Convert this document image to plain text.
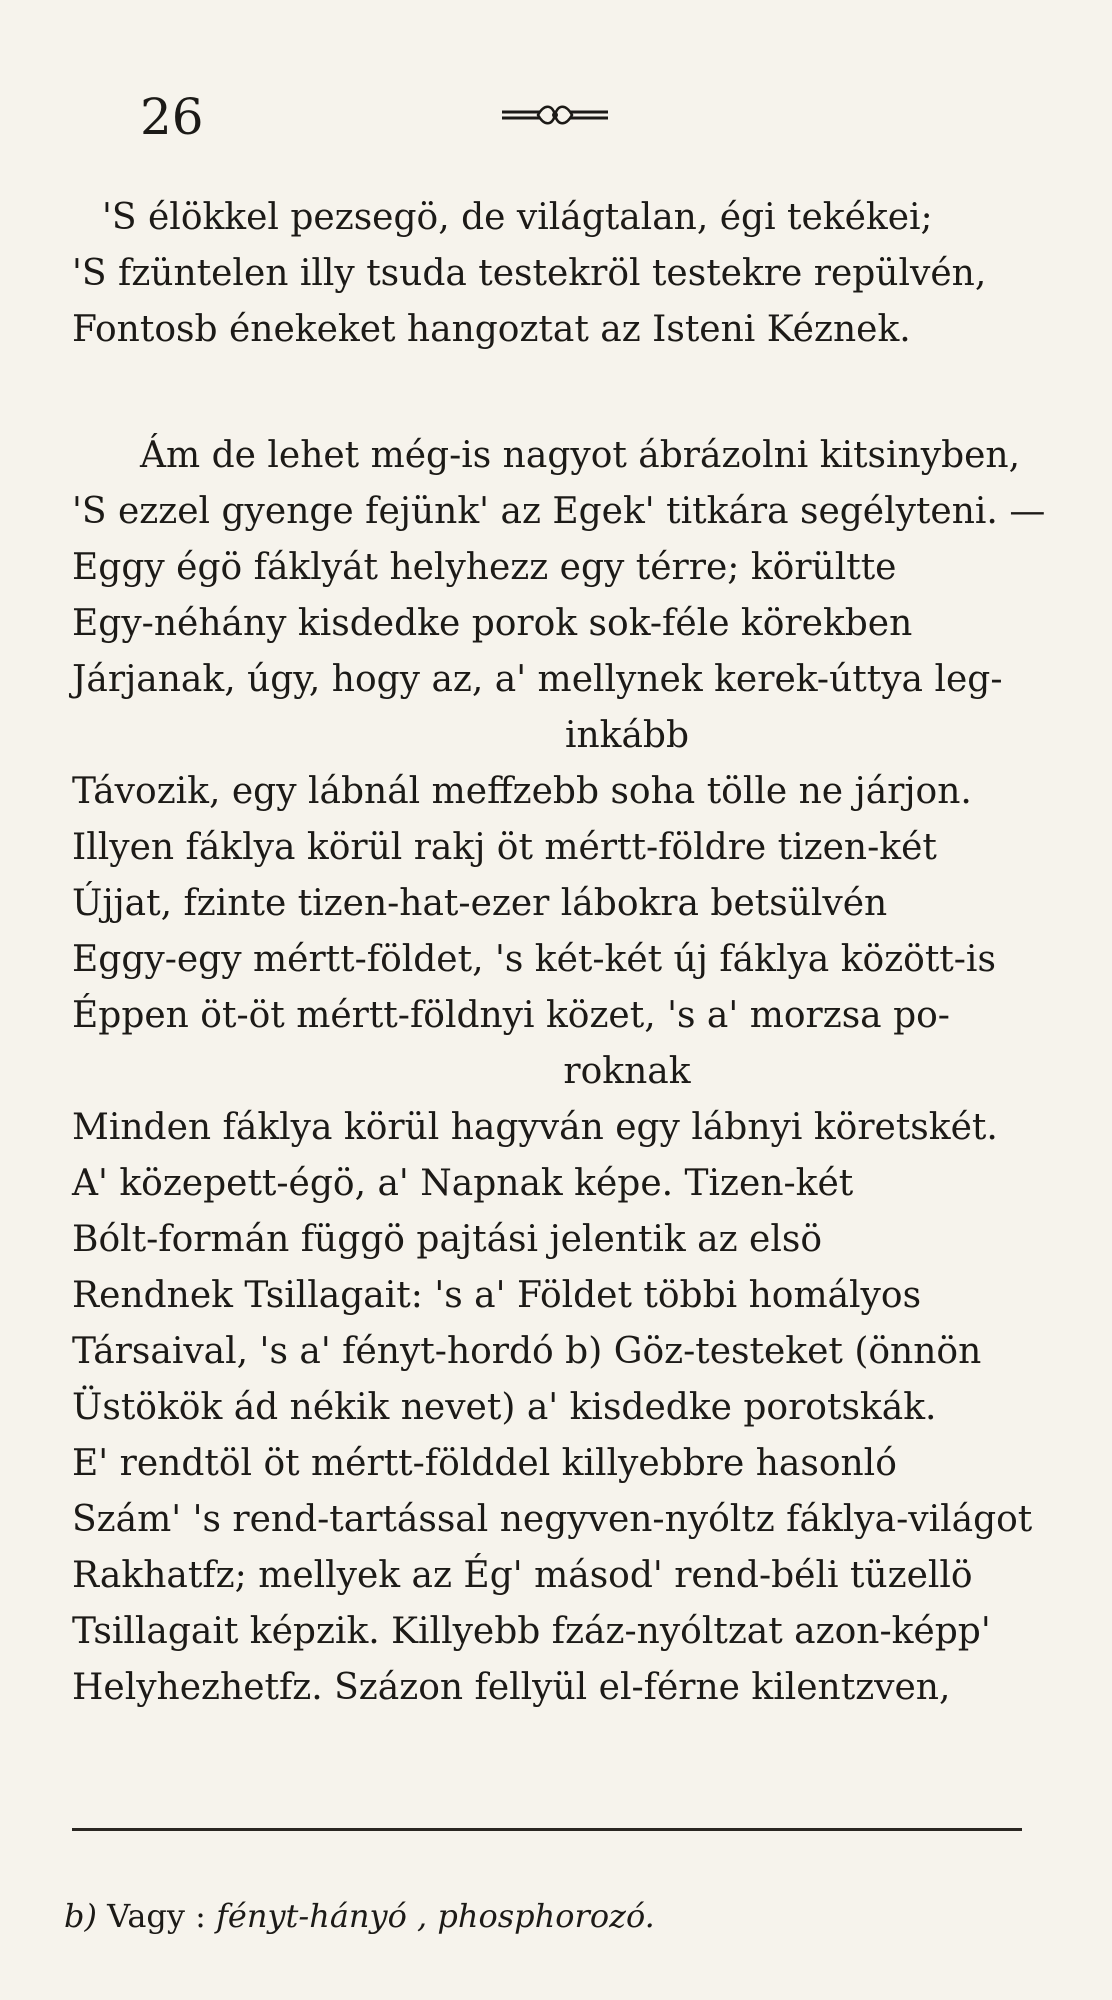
26
'S élökkel pezsegö, de világtalan, égi tekékei;
'S fzüntelen illy tsuda testekröl testekre repülvén,
Fontosb énekeket hangoztat az Isteni Kéznek.
Ám de lehet még-is nagyot ábrázolni kitsinyben,
'S ezzel gyenge fejünk' az Egek' titkára segélyteni. —
Eggy égö fáklyát helyhezz egy térre; körültte
Egy-néhány kisdedke porok sok-féle körekben
Járjanak, úgy, hogy az, a' mellynek kerek-úttya leg-
inkább
Távozik, egy lábnál meffzebb soha tölle ne járjon.
Illyen fáklya körül rakj öt mértt-földre tizen-két
Újjat, fzinte tizen-hat-ezer lábokra betsülvén
Eggy-egy mértt-földet, 's két-két új fáklya között-is
Éppen öt-öt mértt-földnyi közet, 's a' morzsa po-
roknak
Minden fáklya körül hagyván egy lábnyi köretskét.
A' közepett-égö, a' Napnak képe. Tizen-két
Bólt-formán függö pajtási jelentik az elsö
Rendnek Tsillagait: 's a' Földet többi homályos
Társaival, 's a' fényt-hordó b) Göz-testeket (önnön
Üstökök ád nékik nevet) a' kisdedke porotskák.
E' rendtöl öt mértt-földdel killyebbre hasonló
Szám' 's rend-tartással negyven-nyóltz fáklya-világot
Rakhatfz; mellyek az Ég' másod' rend-béli tüzellö
Tsillagait képzik. Killyebb fzáz-nyóltzat azon-képp'
Helyhezhetfz. Százon fellyül el-férne kilentzven,
b) Vagy : fényt-hányó , phosphorozó.
